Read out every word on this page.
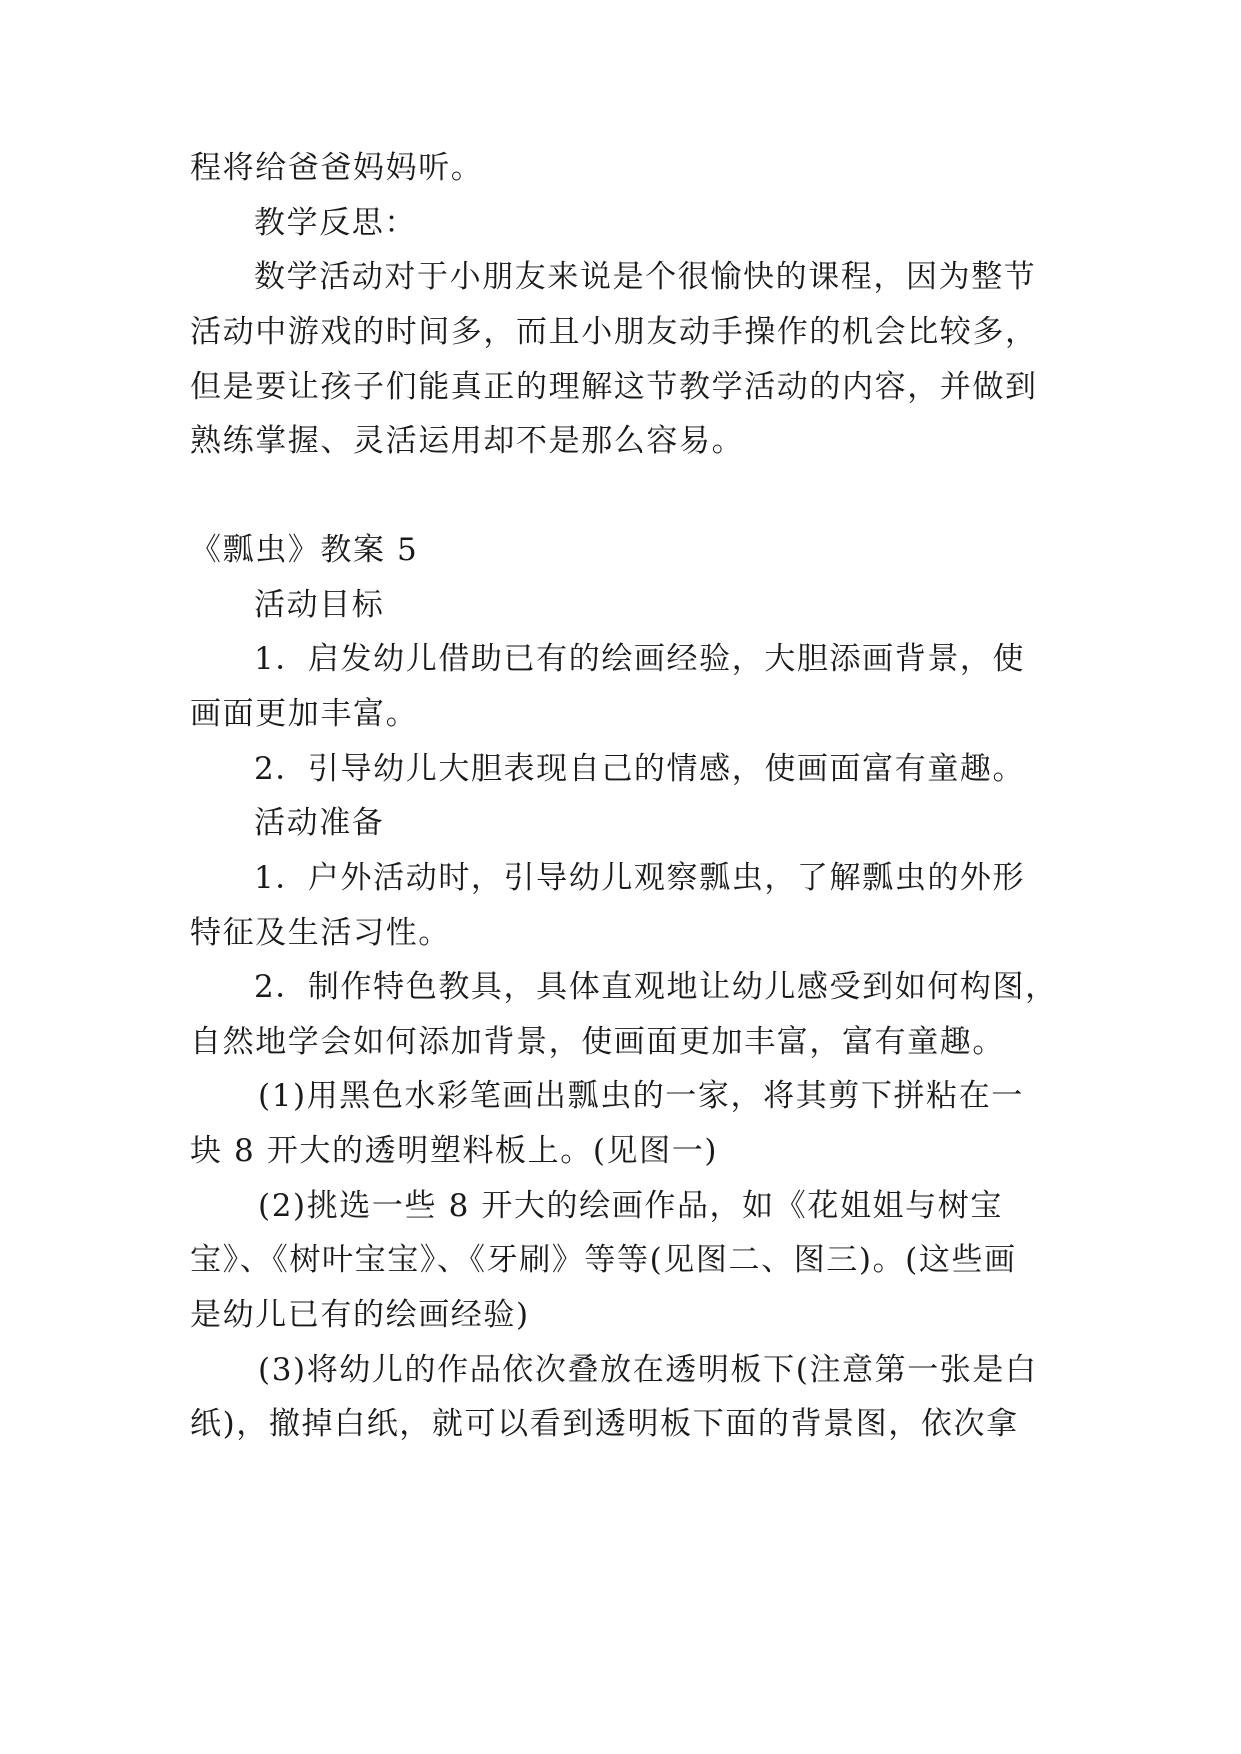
程将给爸爸妈妈听。
教学反思：
数学活动对于小朋友来说是个很愉快的课程，因为整节
活动中游戏的时间多，而且小朋友动手操作的机会比较多，
但是要让孩子们能真正的理解这节教学活动的内容，并做到
熟练掌握、灵活运用却不是那么容易。
《瓢虫》教案 5
活动目标
1．启发幼儿借助已有的绘画经验，大胆添画背景，使
画面更加丰富。
2．引导幼儿大胆表现自己的情感，使画面富有童趣。
活动准备
1．户外活动时，引导幼儿观察瓢虫，了解瓢虫的外形
特征及生活习性。
2．制作特色教具，具体直观地让幼儿感受到如何构图，
自然地学会如何添加背景，使画面更加丰富，富有童趣。
(1)用黑色水彩笔画出瓢虫的一家，将其剪下拼粘在一
块 8 开大的透明塑料板上。(见图一)
(2)挑选一些 8 开大的绘画作品，如《花姐姐与树宝
宝》、《树叶宝宝》、《牙刷》等等(见图二、图三)。(这些画
是幼儿已有的绘画经验)
(3)将幼儿的作品依次叠放在透明板下(注意第一张是白
纸)，撤掉白纸，就可以看到透明板下面的背景图，依次拿
